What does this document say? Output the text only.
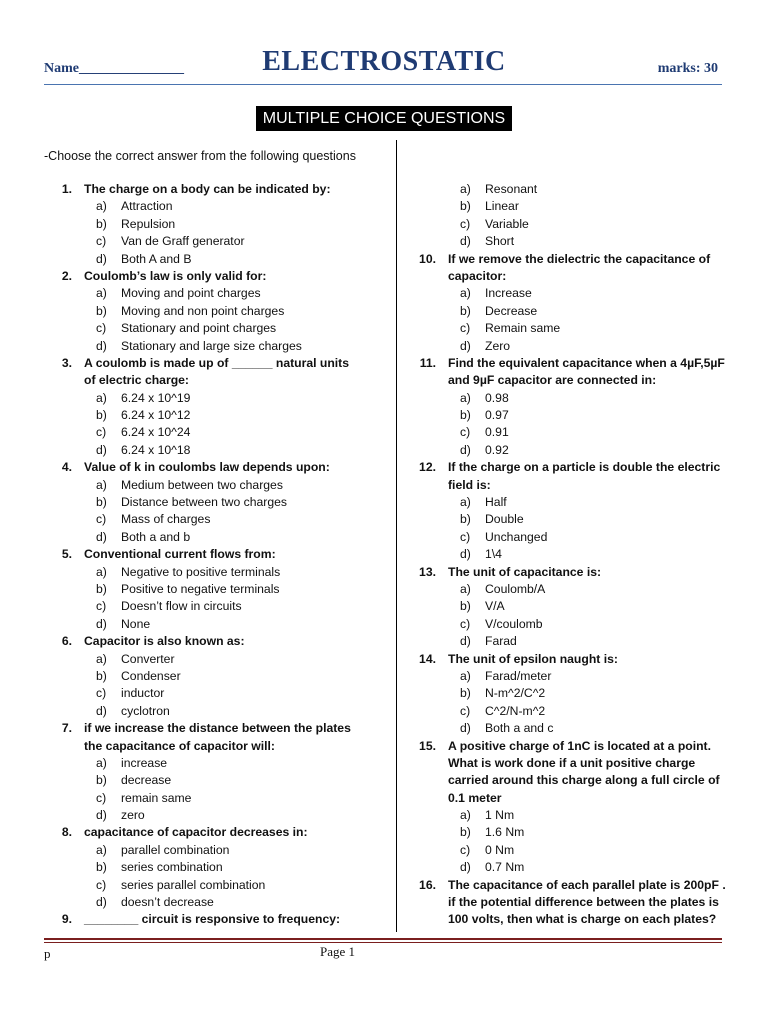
Name_______________	ELECTROSTATIC	marks: 30
MULTIPLE CHOICE QUESTIONS
-Choose the correct answer from the following questions
1. The charge on a body can be indicated by:
a) Attraction
b) Repulsion
c) Van de Graff generator
d) Both A and B
2. Coulomb’s law is only valid for:
a) Moving and point charges
b) Moving and non point charges
c) Stationary and point charges
d) Stationary and large size charges
3. A coulomb is made up of ______ natural units
of electric charge:
a) 6.24 x 10^19
b) 6.24 x 10^12
c) 6.24 x 10^24
d) 6.24 x 10^18
4. Value of k in coulombs law depends upon:
a) Medium between two charges
b) Distance between two charges
c) Mass of charges
d) Both a and b
5. Conventional current flows from:
a) Negative to positive terminals
b) Positive to negative terminals
c) Doesn’t flow in circuits
d) None
6. Capacitor is also known as:
a) Converter
b) Condenser
c) inductor
d) cyclotron
7. if we increase the distance between the plates
the capacitance of capacitor will:
a) increase
b) decrease
c) remain same
d) zero
8. capacitance of capacitor decreases in:
a) parallel combination
b) series combination
c) series parallel combination
d) doesn’t decrease
9. ________ circuit is responsive to frequency:
a) Resonant
b) Linear
c) Variable
d) Short
10. If we remove the dielectric the capacitance of
capacitor:
a) Increase
b) Decrease
c) Remain same
d) Zero
11. Find the equivalent capacitance when a 4µF,5µF
and 9µF capacitor are connected in:
a) 0.98
b) 0.97
c) 0.91
d) 0.92
12. If the charge on a particle is double the electric
field is:
a) Half
b) Double
c) Unchanged
d) 1\4
13. The unit of capacitance is:
a) Coulomb/A
b) V/A
c) V/coulomb
d) Farad
14. The unit of epsilon naught is:
a) Farad/meter
b) N-m^2/C^2
c) C^2/N-m^2
d) Both a and c
15. A positive charge of 1nC is located at a point.
What is work done if a unit positive charge
carried around this charge along a full circle of
0.1 meter
a) 1 Nm
b) 1.6 Nm
c) 0 Nm
d) 0.7 Nm
16. The capacitance of each parallel plate is 200pF .
if the potential difference between the plates is
100 volts, then what is charge on each plates?
p	Page 1
